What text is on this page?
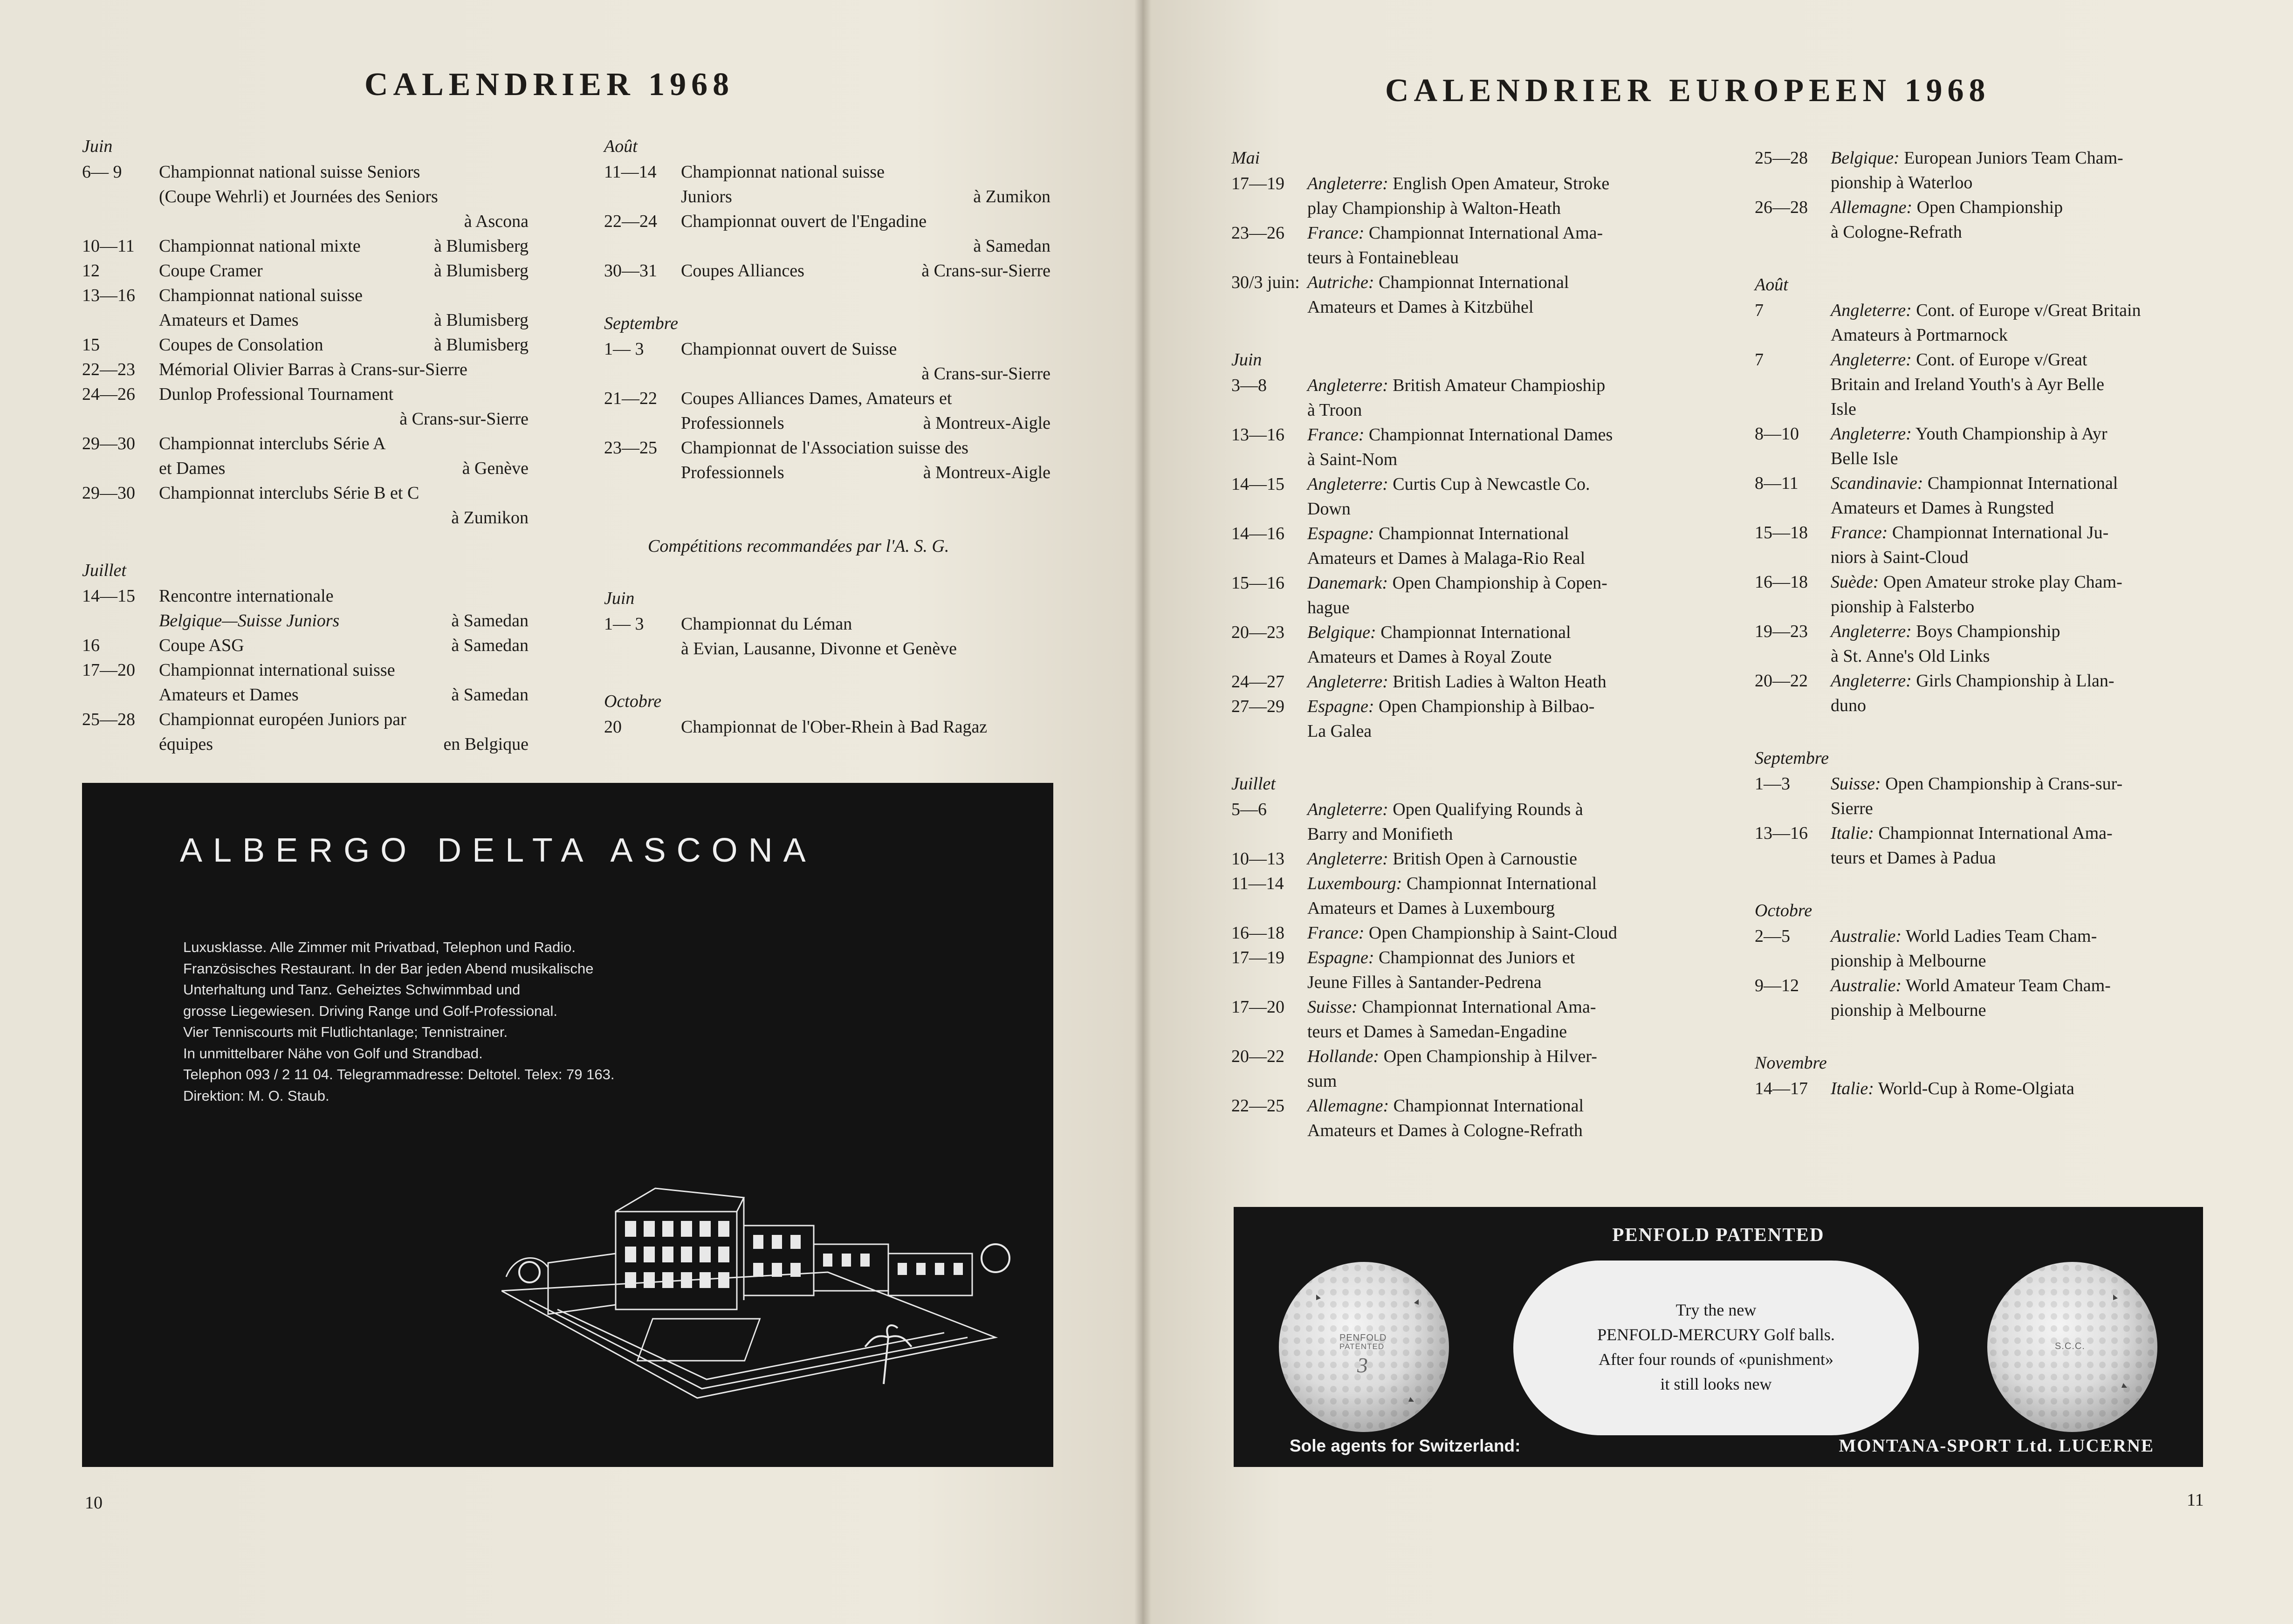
CALENDRIER 1968
Juin
6— 9	Championnat national suisse Seniors
(Coupe Wehrli) et Journées des Seniors
à Ascona
10—11	Championnat national mixte	à Blumisberg
12	Coupe Cramer	à Blumisberg
13—16	Championnat national suisse
Amateurs et Dames	à Blumisberg
15	Coupes de Consolation	à Blumisberg
22—23	Mémorial Olivier Barras à Crans-sur-Sierre
24—26	Dunlop Professional Tournament
à Crans-sur-Sierre
29—30	Championnat interclubs Série A
et Dames	à Genève
29—30	Championnat interclubs Série B et C
à Zumikon
Juillet
14—15	Rencontre internationale
Belgique—Suisse Juniors	à Samedan
16	Coupe ASG	à Samedan
17—20	Championnat international suisse
Amateurs et Dames	à Samedan
25—28	Championnat européen Juniors par
équipes	en Belgique
Août
11—14	Championnat national suisse
Juniors	à Zumikon
22—24	Championnat ouvert de l'Engadine
à Samedan
30—31	Coupes Alliances	à Crans-sur-Sierre
Septembre
1— 3	Championnat ouvert de Suisse
à Crans-sur-Sierre
21—22	Coupes Alliances Dames, Amateurs et
Professionnels	à Montreux-Aigle
23—25	Championnat de l'Association suisse des
Professionnels	à Montreux-Aigle
Compétitions recommandées par l'A. S. G.
Juin
1— 3	Championnat du Léman
à Evian, Lausanne, Divonne et Genève
Octobre
20	Championnat de l'Ober-Rhein à Bad Ragaz
ALBERGO DELTA ASCONA
Luxusklasse. Alle Zimmer mit Privatbad, Telephon und Radio.
Französisches Restaurant. In der Bar jeden Abend musikalische
Unterhaltung und Tanz. Geheiztes Schwimmbad und
grosse Liegewiesen. Driving Range und Golf-Professional.
Vier Tenniscourts mit Flutlichtanlage; Tennistrainer.
In unmittelbarer Nähe von Golf und Strandbad.
Telephon 093 / 2 11 04. Telegrammadresse: Deltotel. Telex: 79 163.
Direktion: M. O. Staub.
10
CALENDRIER EUROPEEN 1968
Mai
17—19	Angleterre: English Open Amateur, Stroke
play Championship à Walton-Heath
23—26	France: Championnat International Ama-
teurs à Fontainebleau
30/3 juin: Autriche: Championnat International
Amateurs et Dames à Kitzbühel
Juin
3—8	Angleterre: British Amateur Champioship
à Troon
13—16	France: Championnat International Dames
à Saint-Nom
14—15	Angleterre: Curtis Cup à Newcastle Co.
Down
14—16	Espagne: Championnat International
Amateurs et Dames à Malaga-Rio Real
15—16	Danemark: Open Championship à Copen-
hague
20—23	Belgique: Championnat International
Amateurs et Dames à Royal Zoute
24—27	Angleterre: British Ladies à Walton Heath
27—29	Espagne: Open Championship à Bilbao-
La Galea
Juillet
5—6	Angleterre: Open Qualifying Rounds à
Barry and Monifieth
10—13	Angleterre: British Open à Carnoustie
11—14	Luxembourg: Championnat International
Amateurs et Dames à Luxembourg
16—18	France: Open Championship à Saint-Cloud
17—19	Espagne: Championnat des Juniors et
Jeune Filles à Santander-Pedrena
17—20	Suisse: Championnat International Ama-
teurs et Dames à Samedan-Engadine
20—22	Hollande: Open Championship à Hilver-
sum
22—25	Allemagne: Championnat International
Amateurs et Dames à Cologne-Refrath
25—28	Belgique: European Juniors Team Cham-
pionship à Waterloo
26—28	Allemagne: Open Championship
à Cologne-Refrath
Août
7	Angleterre: Cont. of Europe v/Great Britain
Amateurs à Portmarnock
7	Angleterre: Cont. of Europe v/Great
Britain and Ireland Youth's à Ayr Belle
Isle
8—10	Angleterre: Youth Championship à Ayr
Belle Isle
8—11	Scandinavie: Championnat International
Amateurs et Dames à Rungsted
15—18	France: Championnat International Ju-
niors à Saint-Cloud
16—18	Suède: Open Amateur stroke play Cham-
pionship à Falsterbo
19—23	Angleterre: Boys Championship
à St. Anne's Old Links
20—22	Angleterre: Girls Championship à Llan-
duno
Septembre
1—3	Suisse: Open Championship à Crans-sur-
Sierre
13—16	Italie: Championnat International Ama-
teurs et Dames à Padua
Octobre
2—5	Australie: World Ladies Team Cham-
pionship à Melbourne
9—12	Australie: World Amateur Team Cham-
pionship à Melbourne
Novembre
14—17	Italie: World-Cup à Rome-Olgiata
PENFOLD PATENTED
PENFOLD
PATENTED
3
Try the new
PENFOLD-MERCURY Golf balls.
After four rounds of «punishment»
it still looks new
S.C.C.
Sole agents for Switzerland:	MONTANA-SPORT Ltd. LUCERNE
11
